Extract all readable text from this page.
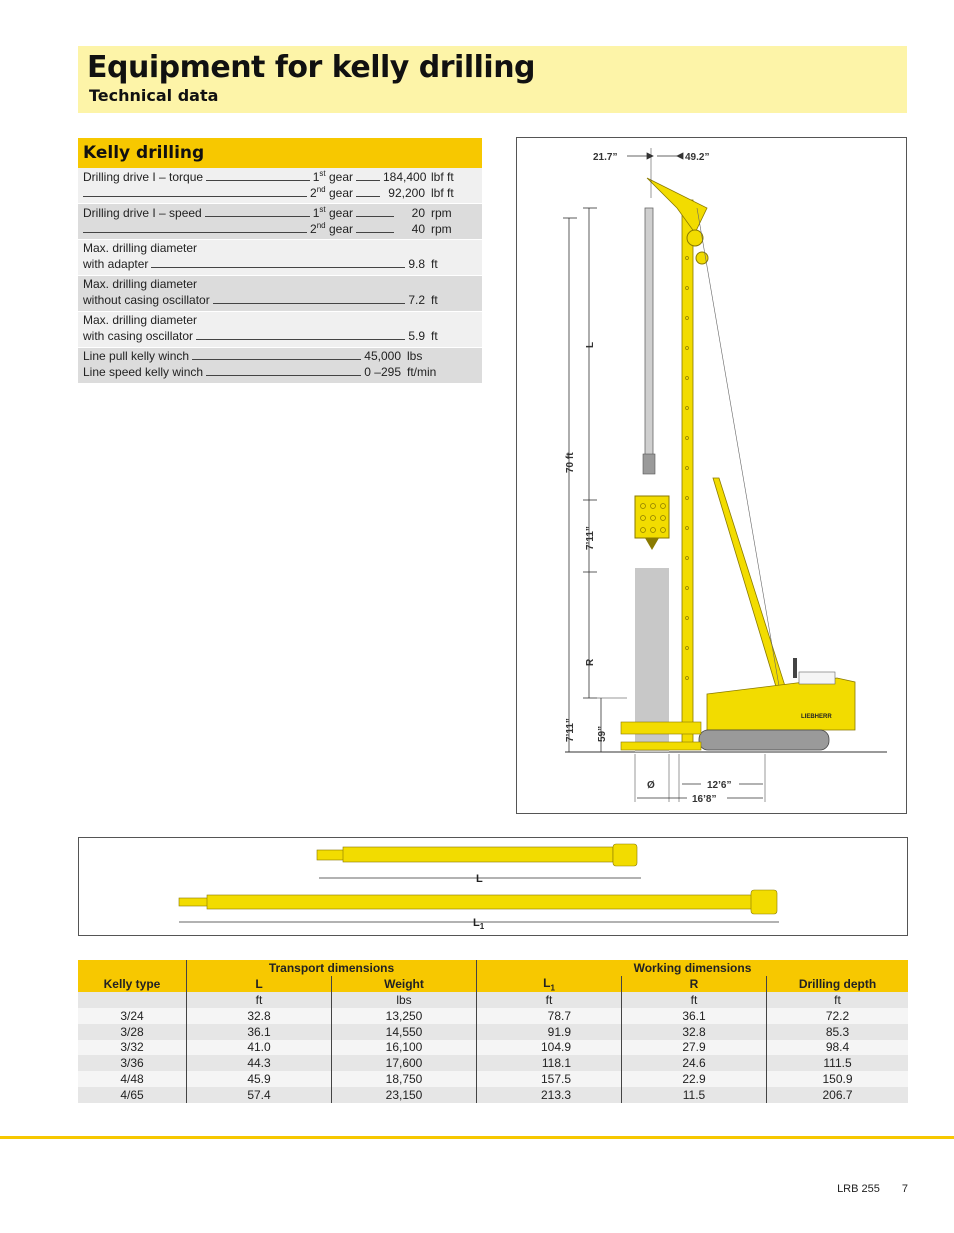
Equipment for kelly drilling
Technical data
Kelly drilling
Drilling drive I – torque	1st gear	184,400 lbf ft
2nd gear	92,200 lbf ft
Drilling drive I – speed	1st gear	20 rpm
2nd gear	40 rpm
Max. drilling diameter
with adapter	9.8 ft
Max. drilling diameter
without casing oscillator	7.2 ft
Max. drilling diameter
with casing oscillator	5.9 ft
Line pull kelly winch	45,000 lbs
Line speed kelly winch	0 –295 ft/min
LIEBHERR
21.7”	49.2”
L
70 ft
7’11”
R
7’11” 59”
Ø	12’6”
16’8”
L
$L_1$
	Transport dimensions		Working dimensions		
Kelly type	L	Weight	$L_1$	R	Drilling depth
	ft	lbs	ft	ft	ft
3/24	32.8	13,250	78.7	36.1	72.2
3/28	36.1	14,550	91.9	32.8	85.3
3/32	41.0	16,100	104.9	27.9	98.4
3/36	44.3	17,600	118.1	24.6	111.5
4/48	45.9	18,750	157.5	22.9	150.9
4/65	57.4	23,150	213.3	11.5	206.7
LRB 255 7
